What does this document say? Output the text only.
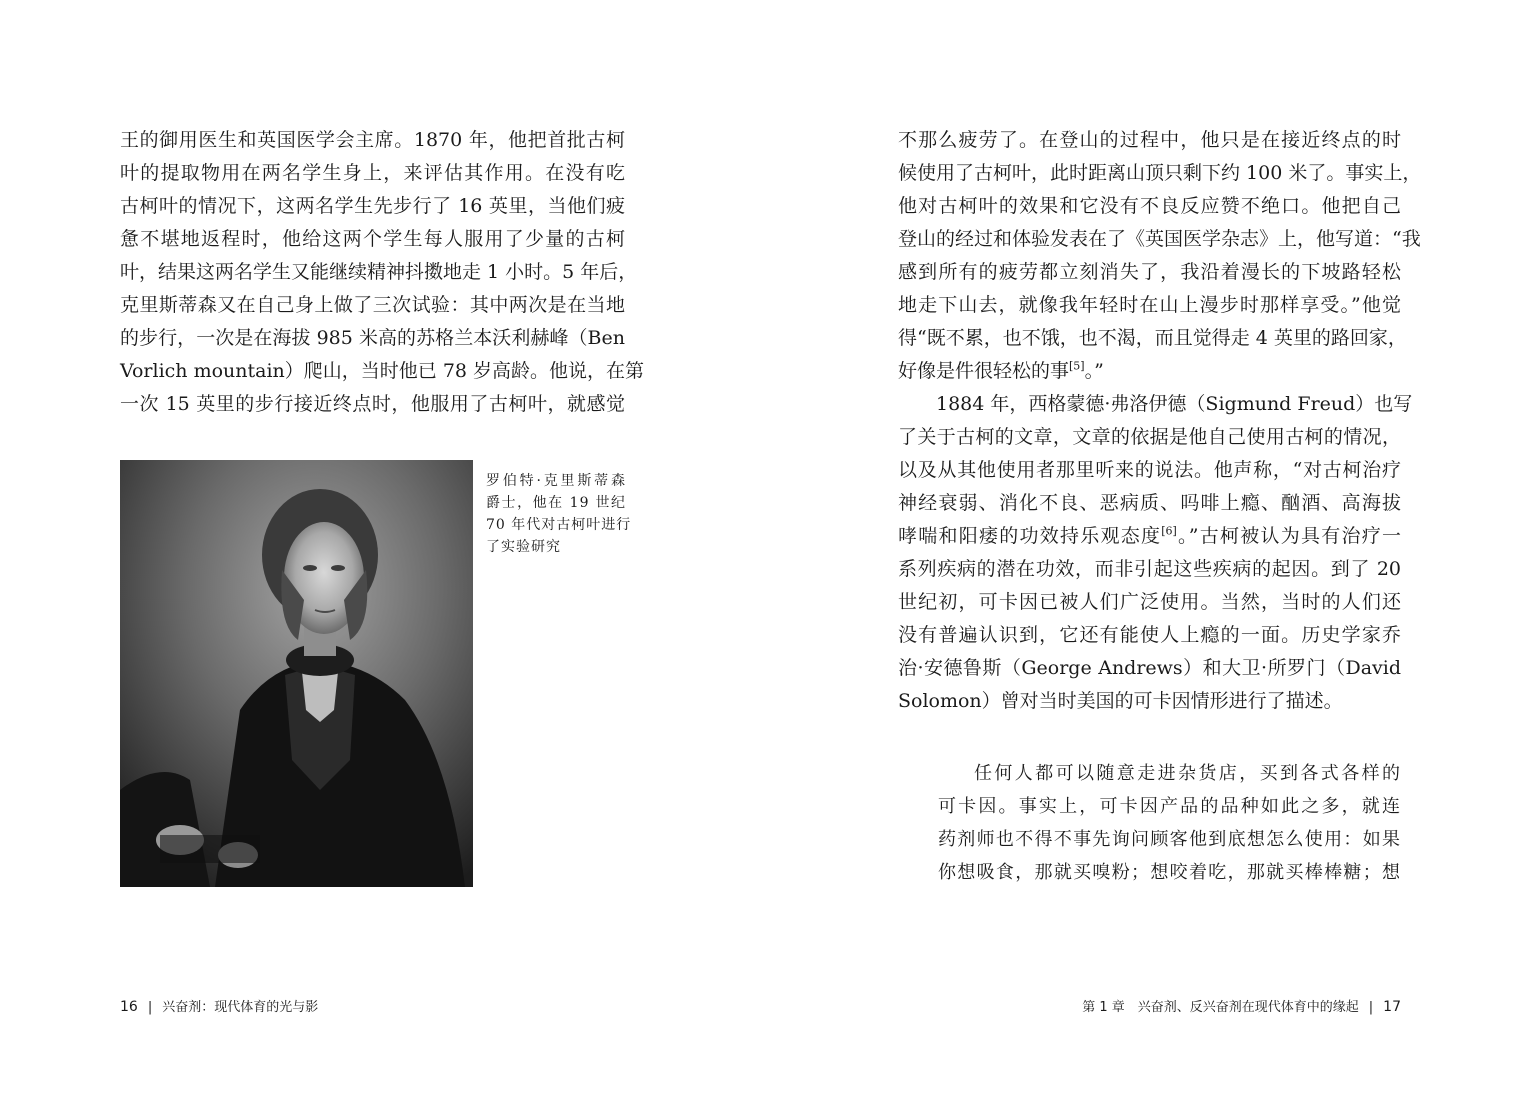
王的御用医生和英国医学会主席。1870 年，他把首批古柯
叶的提取物用在两名学生身上，来评估其作用。在没有吃
古柯叶的情况下，这两名学生先步行了 16 英里，当他们疲
惫不堪地返程时，他给这两个学生每人服用了少量的古柯
叶，结果这两名学生又能继续精神抖擞地走 1 小时。5 年后，
克里斯蒂森又在自己身上做了三次试验：其中两次是在当地
的步行，一次是在海拔 985 米高的苏格兰本沃利赫峰（Ben
Vorlich mountain）爬山，当时他已 78 岁高龄。他说，在第
一次 15 英里的步行接近终点时，他服用了古柯叶，就感觉
罗伯特·克里斯蒂森
爵士，他在 19 世纪
70 年代对古柯叶进行
了实验研究
16 | 兴奋剂：现代体育的光与影
不那么疲劳了。在登山的过程中，他只是在接近终点的时
候使用了古柯叶，此时距离山顶只剩下约 100 米了。事实上，
他对古柯叶的效果和它没有不良反应赞不绝口。他把自己
登山的经过和体验发表在了《英国医学杂志》上，他写道：“我
感到所有的疲劳都立刻消失了，我沿着漫长的下坡路轻松
地走下山去，就像我年轻时在山上漫步时那样享受。”他觉
得“既不累，也不饿，也不渴，而且觉得走 4 英里的路回家，
好像是件很轻松的事[5]。”
1884 年，西格蒙德·弗洛伊德（Sigmund Freud）也写
了关于古柯的文章，文章的依据是他自己使用古柯的情况，
以及从其他使用者那里听来的说法。他声称，“对古柯治疗
神经衰弱、消化不良、恶病质、吗啡上瘾、酗酒、高海拔
哮喘和阳痿的功效持乐观态度[6]。”古柯被认为具有治疗一
系列疾病的潜在功效，而非引起这些疾病的起因。到了 20
世纪初，可卡因已被人们广泛使用。当然，当时的人们还
没有普遍认识到，它还有能使人上瘾的一面。历史学家乔
治·安德鲁斯（George Andrews）和大卫·所罗门（David
Solomon）曾对当时美国的可卡因情形进行了描述。
任何人都可以随意走进杂货店，买到各式各样的
可卡因。事实上，可卡因产品的品种如此之多，就连
药剂师也不得不事先询问顾客他到底想怎么使用：如果
你想吸食，那就买嗅粉；想咬着吃，那就买棒棒糖；想
第 1 章　兴奋剂、反兴奋剂在现代体育中的缘起 | 17
